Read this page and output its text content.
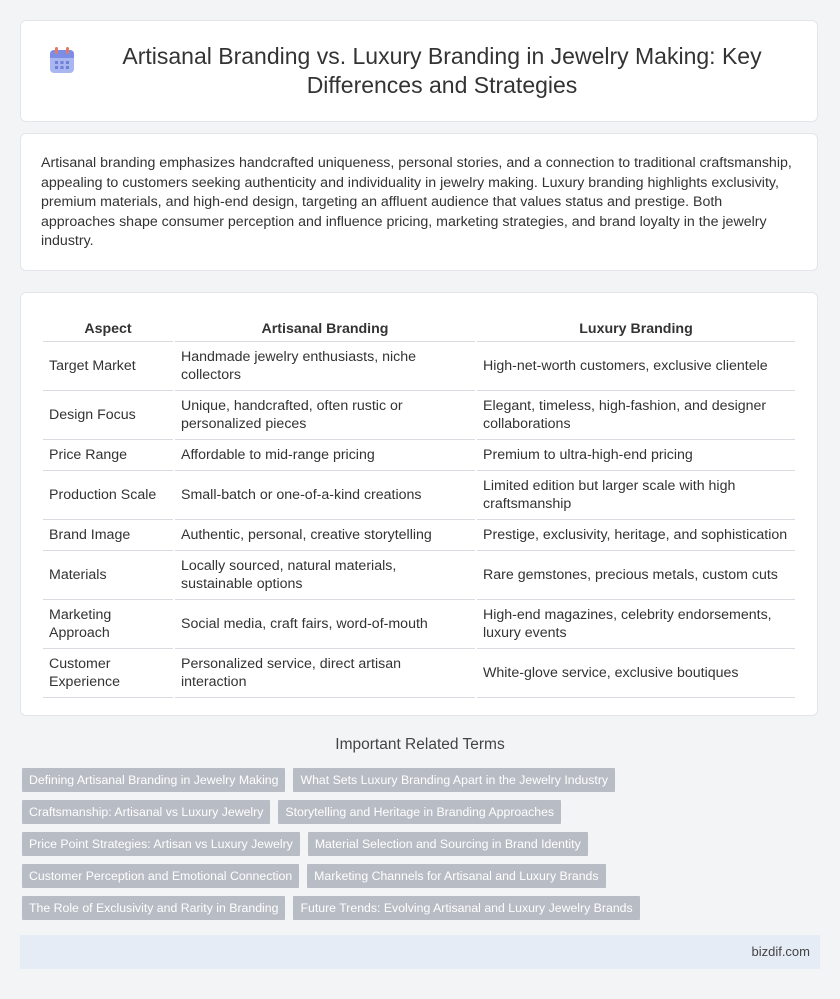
Artisanal Branding vs. Luxury Branding in Jewelry Making: Key Differences and Strategies

Artisanal branding emphasizes handcrafted uniqueness, personal stories, and a connection to traditional craftsmanship, appealing to customers seeking authenticity and individuality in jewelry making. Luxury branding highlights exclusivity, premium materials, and high-end design, targeting an affluent audience that values status and prestige. Both approaches shape consumer perception and influence pricing, marketing strategies, and brand loyalty in the jewelry industry.

Aspect	Artisanal Branding	Luxury Branding
Target Market	Handmade jewelry enthusiasts, niche collectors	High-net-worth customers, exclusive clientele
Design Focus	Unique, handcrafted, often rustic or personalized pieces	Elegant, timeless, high-fashion, and designer collaborations
Price Range	Affordable to mid-range pricing	Premium to ultra-high-end pricing
Production Scale	Small-batch or one-of-a-kind creations	Limited edition but larger scale with high craftsmanship
Brand Image	Authentic, personal, creative storytelling	Prestige, exclusivity, heritage, and sophistication
Materials	Locally sourced, natural materials, sustainable options	Rare gemstones, precious metals, custom cuts
Marketing Approach	Social media, craft fairs, word-of-mouth	High-end magazines, celebrity endorsements, luxury events
Customer Experience	Personalized service, direct artisan interaction	White-glove service, exclusive boutiques
Important Related Terms
Defining Artisanal Branding in Jewelry Making	What Sets Luxury Branding Apart in the Jewelry Industry
Craftsmanship: Artisanal vs Luxury Jewelry	Storytelling and Heritage in Branding Approaches
Price Point Strategies: Artisan vs Luxury Jewelry	Material Selection and Sourcing in Brand Identity
Customer Perception and Emotional Connection	Marketing Channels for Artisanal and Luxury Brands
The Role of Exclusivity and Rarity in Branding	Future Trends: Evolving Artisanal and Luxury Jewelry Brands
bizdif.com
